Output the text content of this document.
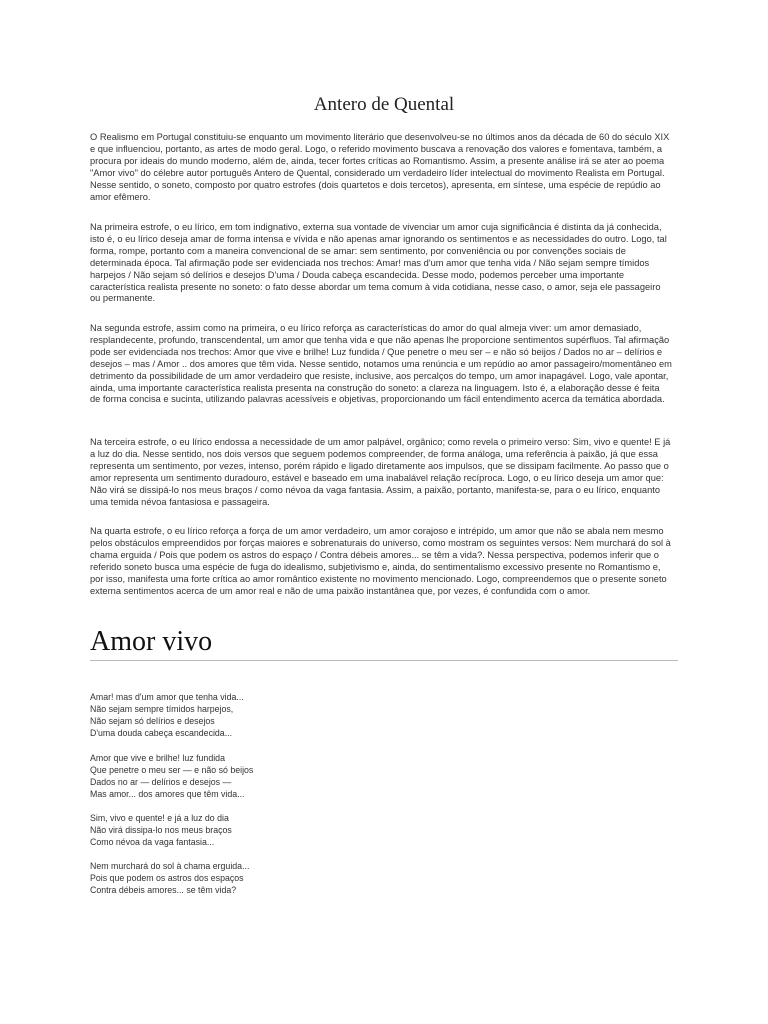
Antero de Quental

O Realismo em Portugal constituiu-se enquanto um movimento literário que desenvolveu-se no últimos anos da década de 60 do século XIX e que influenciou, portanto, as artes de modo geral. Logo, o referido movimento buscava a renovação dos valores e fomentava, também, a procura por ideais do mundo moderno, além de, ainda, tecer fortes críticas ao Romantismo. Assim, a presente análise irá se ater ao poema "Amor vivo" do célebre autor português Antero de Quental, considerado um verdadeiro líder intelectual do movimento Realista em Portugal. Nesse sentido, o soneto, composto por quatro estrofes (dois quartetos e dois tercetos), apresenta, em síntese, uma espécie de repúdio ao amor efêmero.

Na primeira estrofe, o eu lírico, em tom indignativo, externa sua vontade de vivenciar um amor cuja significância é distinta da já conhecida, isto é, o eu lírico deseja amar de forma intensa e vívida e não apenas amar ignorando os sentimentos e as necessidades do outro. Logo, tal forma, rompe, portanto com a maneira convencional de se amar: sem sentimento, por conveniência ou por convenções sociais de determinada época. Tal afirmação pode ser evidenciada nos trechos: Amar! mas d'um amor que tenha vida / Não sejam sempre tímidos harpejos / Não sejam só delírios e desejos D'uma / Douda cabeça escandecida. Desse modo, podemos perceber uma importante característica realista presente no soneto: o fato desse abordar um tema comum à vida cotidiana, nesse caso, o amor, seja ele passageiro ou permanente.

Na segunda estrofe, assim como na primeira, o eu lírico reforça as características do amor do qual almeja viver: um amor demasiado, resplandecente, profundo, transcendental, um amor que tenha vida e que não apenas lhe proporcione sentimentos supérfluos. Tal afirmação pode ser evidenciada nos trechos: Amor que vive e brilhe! Luz fundida / Que penetre o meu ser – e não só beijos / Dados no ar – delírios e desejos – mas / Amor .. dos amores que têm vida. Nesse sentido, notamos uma renúncia e um repúdio ao amor passageiro/momentâneo em detrimento da possibilidade de um amor verdadeiro que resiste, inclusive, aos percalços do tempo, um amor inapagável. Logo, vale apontar, ainda, uma importante característica realista presenta na construção do soneto: a clareza na linguagem. Isto é, a elaboração desse é feita de forma concisa e sucinta, utilizando palavras acessíveis e objetivas, proporcionando um fácil entendimento acerca da temática abordada.

Na terceira estrofe, o eu lírico endossa a necessidade de um amor palpável, orgânico; como revela o primeiro verso: Sim, vivo e quente! E já a luz do dia. Nesse sentido, nos dois versos que seguem podemos compreender, de forma análoga, uma referência à paixão, já que essa representa um sentimento, por vezes, intenso, porém rápido e ligado diretamente aos impulsos, que se dissipam facilmente. Ao passo que o amor representa um sentimento duradouro, estável e baseado em uma inabalável relação recíproca. Logo, o eu lírico deseja um amor que: Não virá se dissipá-lo nos meus braços / como névoa da vaga fantasia. Assim, a paixão, portanto, manifesta-se, para o eu lírico, enquanto uma temida névoa fantasiosa e passageira.

Na quarta estrofe, o eu lírico reforça a força de um amor verdadeiro, um amor corajoso e intrépido, um amor que não se abala nem mesmo pelos obstáculos empreendidos por forças maiores e sobrenaturais do universo, como mostram os seguintes versos: Nem murchará do sol à chama erguida / Pois que podem os astros do espaço / Contra débeis amores... se têm a vida?. Nessa perspectiva, podemos inferir que o referido soneto busca uma espécie de fuga do idealismo, subjetivismo e, ainda, do sentimentalismo excessivo presente no Romantismo e, por isso, manifesta uma forte crítica ao amor romântico existente no movimento mencionado. Logo, compreendemos que o presente soneto externa sentimentos acerca de um amor real e não de uma paixão instantânea que, por vezes, é confundida com o amor.

Amor vivo
Amar! mas d'um amor que tenha vida...
Não sejam sempre tímidos harpejos,
Não sejam só delírios e desejos
D'uma douda cabeça escandecida...
Amor que vive e brilhe! luz fundida
Que penetre o meu ser — e não só beijos
Dados no ar — delírios e desejos —
Mas amor... dos amores que têm vida...
Sim, vivo e quente! e já a luz do dia
Não virá dissipa-lo nos meus braços
Como névoa da vaga fantasia...
Nem murchará do sol à chama erguida...
Pois que podem os astros dos espaços
Contra débeis amores... se têm vida?
